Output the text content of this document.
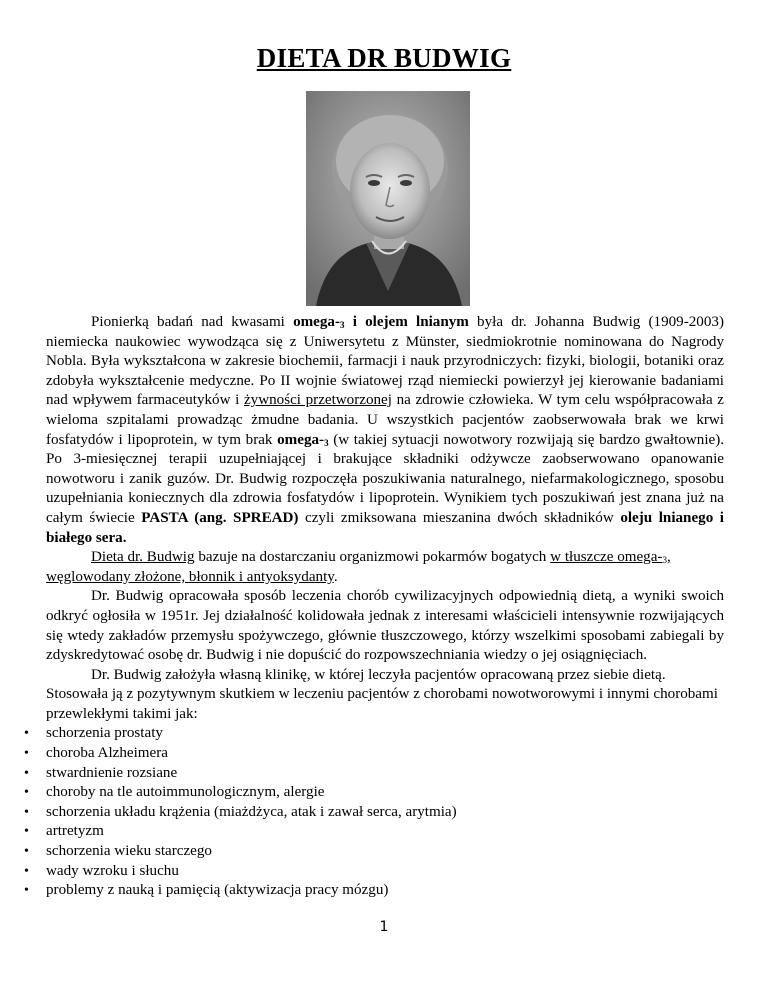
DIETA DR BUDWIG

Pionierką badań nad kwasami omega-$_3$ i olejem lnianym była dr. Johanna Budwig (1909-2003) niemiecka naukowiec wywodząca się z Uniwersytetu z Münster, siedmiokrotnie nominowana do Nagrody Nobla. Była wykształcona w zakresie biochemii, farmacji i nauk przyrodniczych: fizyki, biologii, botaniki oraz zdobyła wykształcenie medyczne. Po II wojnie światowej rząd niemiecki powierzył jej kierowanie badaniami nad wpływem farmaceutyków i żywności przetworzonej na zdrowie człowieka. W tym celu współpracowała z wieloma szpitalami prowadząc żmudne badania. U wszystkich pacjentów zaobserwowała brak we krwi fosfatydów i lipoprotein, w tym brak omega-$_3$ (w takiej sytuacji nowotwory rozwijają się bardzo gwałtownie). Po 3-miesięcznej terapii uzupełniającej i brakujące składniki odżywcze zaobserwowano opanowanie nowotworu i zanik guzów. Dr. Budwig rozpoczęła poszukiwania naturalnego, niefarmakologicznego, sposobu uzupełniania koniecznych dla zdrowia fosfatydów i lipoprotein. Wynikiem tych poszukiwań jest znana już na całym świecie PASTA (ang. SPREAD) czyli zmiksowana mieszanina dwóch składników oleju lnianego i białego sera.

Dieta dr. Budwig bazuje na dostarczaniu organizmowi pokarmów bogatych w tłuszcze omega-$_3$, węglowodany złożone, błonnik i antyoksydanty.

Dr. Budwig opracowała sposób leczenia chorób cywilizacyjnych odpowiednią dietą, a wyniki swoich odkryć ogłosiła w 1951r. Jej działalność kolidowała jednak z interesami właścicieli intensywnie rozwijających się wtedy zakładów przemysłu spożywczego, głównie tłuszczowego, którzy wszelkimi sposobami zabiegali by zdyskredytować osobę dr. Budwig i nie dopuścić do rozpowszechniania wiedzy o jej osiągnięciach.

Dr. Budwig założyła własną klinikę, w której leczyła pacjentów opracowaną przez siebie dietą. Stosowała ją z pozytywnym skutkiem w leczeniu pacjentów z chorobami nowotworowymi i innymi chorobami przewlekłymi takimi jak:

• schorzenia prostaty
• choroba Alzheimera
• stwardnienie rozsiane
• choroby na tle autoimmunologicznym, alergie
• schorzenia układu krążenia (miażdżyca, atak i zawał serca, arytmia)
• artretyzm
• schorzenia wieku starczego
• wady wzroku i słuchu
• problemy z nauką i pamięcią (aktywizacja pracy mózgu)
1
